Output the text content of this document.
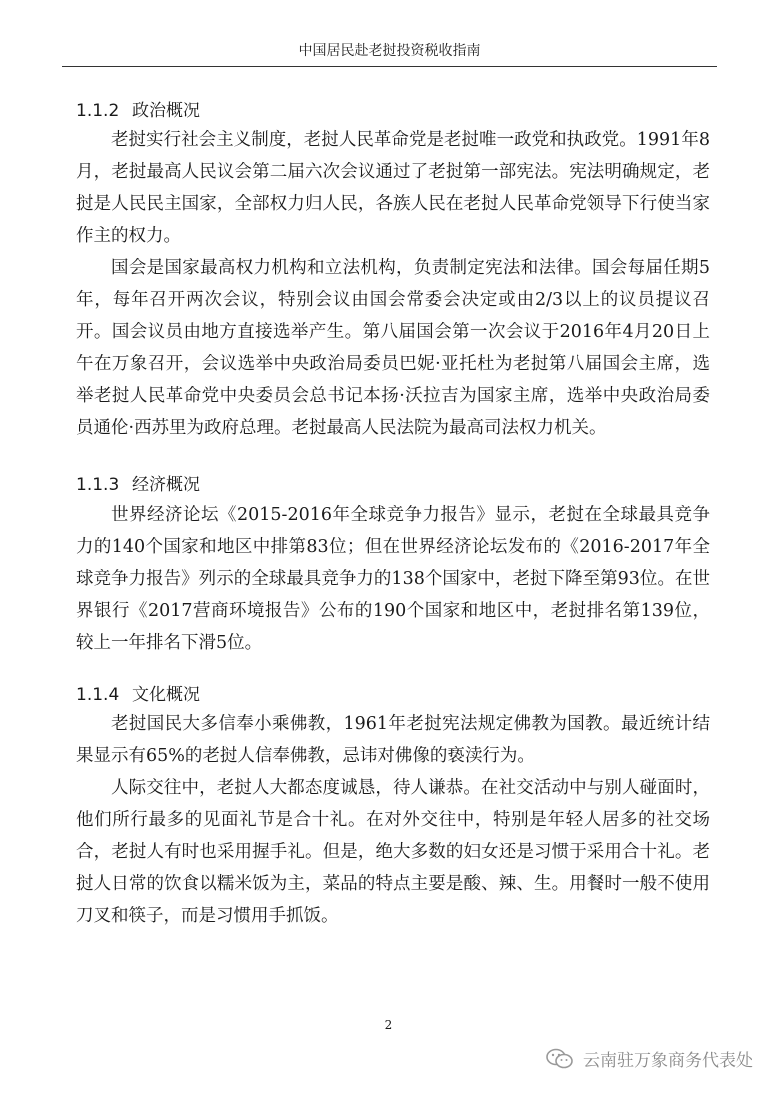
中国居民赴老挝投资税收指南
1.1.2 政治概况

老挝实行社会主义制度，老挝人民革命党是老挝唯一政党和执政党。1991年8月，老挝最高人民议会第二届六次会议通过了老挝第一部宪法。宪法明确规定，老挝是人民民主国家，全部权力归人民，各族人民在老挝人民革命党领导下行使当家作主的权力。

国会是国家最高权力机构和立法机构，负责制定宪法和法律。国会每届任期5年，每年召开两次会议，特别会议由国会常委会决定或由2/3以上的议员提议召开。国会议员由地方直接选举产生。第八届国会第一次会议于2016年4月20日上午在万象召开，会议选举中央政治局委员巴妮·亚托杜为老挝第八届国会主席，选举老挝人民革命党中央委员会总书记本扬·沃拉吉为国家主席，选举中央政治局委员通伦·西苏里为政府总理。老挝最高人民法院为最高司法权力机关。

1.1.3 经济概况

世界经济论坛《2015-2016年全球竞争力报告》显示，老挝在全球最具竞争力的140个国家和地区中排第83位；但在世界经济论坛发布的《2016-2017年全球竞争力报告》列示的全球最具竞争力的138个国家中，老挝下降至第93位。在世界银行《2017营商环境报告》公布的190个国家和地区中，老挝排名第139位，较上一年排名下滑5位。

1.1.4 文化概况

老挝国民大多信奉小乘佛教，1961年老挝宪法规定佛教为国教。最近统计结果显示有65%的老挝人信奉佛教，忌讳对佛像的亵渎行为。

人际交往中，老挝人大都态度诚恳，待人谦恭。在社交活动中与别人碰面时，他们所行最多的见面礼节是合十礼。在对外交往中，特别是年轻人居多的社交场合，老挝人有时也采用握手礼。但是，绝大多数的妇女还是习惯于采用合十礼。老挝人日常的饮食以糯米饭为主，菜品的特点主要是酸、辣、生。用餐时一般不使用刀叉和筷子，而是习惯用手抓饭。

2
云南驻万象商务代表处
